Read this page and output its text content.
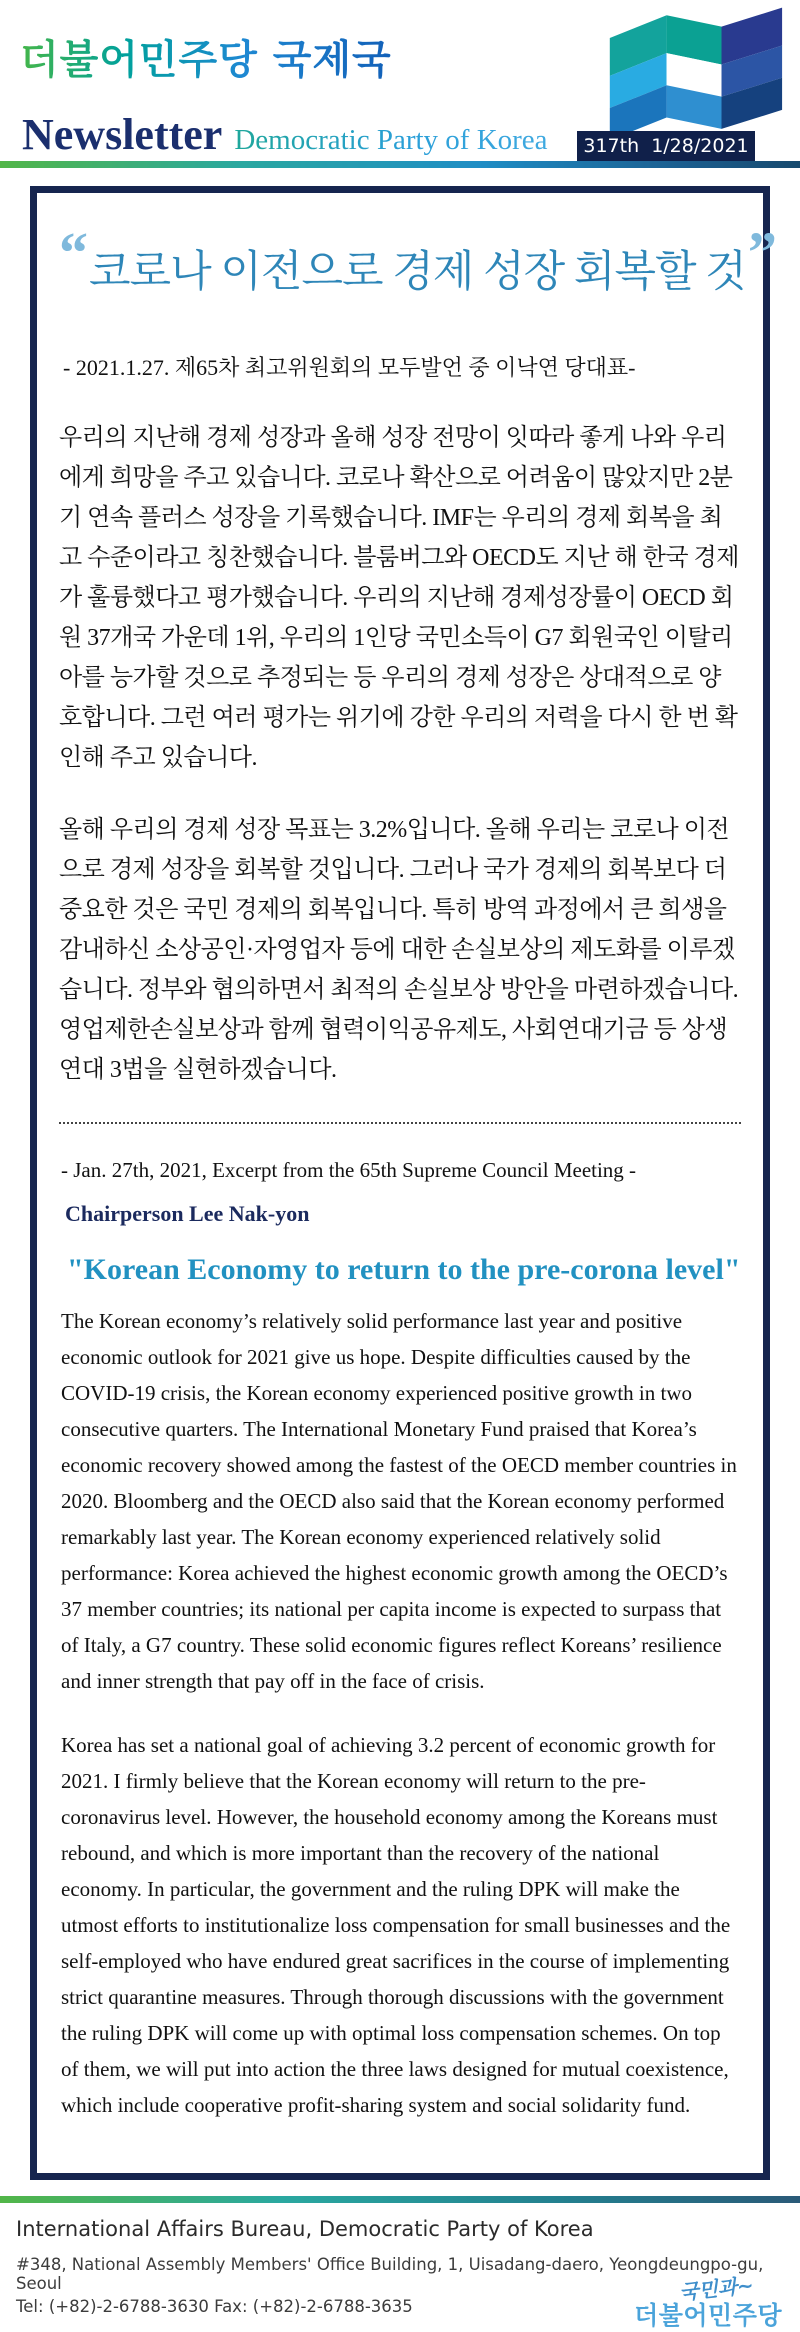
더불어민주당 국제국
Newsletter Democratic Party of Korea	317th  1/28/2021
“코로나 이전으로 경제 성장 회복할 것”

- 2021.1.27. 제65차 최고위원회의 모두발언 중 이낙연 당대표-

우리의 지난해 경제 성장과 올해 성장 전망이 잇따라 좋게 나와 우리에게 희망을 주고 있습니다. 코로나 확산으로 어려움이 많았지만 2분기 연속 플러스 성장을 기록했습니다. IMF는 우리의 경제 회복을 최고 수준이라고 칭찬했습니다. 블룸버그와 OECD도 지난 해 한국 경제가 훌륭했다고 평가했습니다. 우리의 지난해 경제성장률이 OECD 회원 37개국 가운데 1위, 우리의 1인당 국민소득이 G7 회원국인 이탈리아를 능가할 것으로 추정되는 등 우리의 경제 성장은 상대적으로 양호합니다. 그런 여러 평가는 위기에 강한 우리의 저력을 다시 한 번 확인해 주고 있습니다.

올해 우리의 경제 성장 목표는 3.2%입니다. 올해 우리는 코로나 이전으로 경제 성장을 회복할 것입니다. 그러나 국가 경제의 회복보다 더 중요한 것은 국민 경제의 회복입니다. 특히 방역 과정에서 큰 희생을 감내하신 소상공인·자영업자 등에 대한 손실보상의 제도화를 이루겠습니다. 정부와 협의하면서 최적의 손실보상 방안을 마련하겠습니다. 영업제한손실보상과 함께 협력이익공유제도, 사회연대기금 등 상생연대 3법을 실현하겠습니다.

- Jan. 27th, 2021, Excerpt from the 65th Supreme Council Meeting -

Chairperson Lee Nak-yon

"Korean Economy to return to the pre-corona level"

The Korean economy’s relatively solid performance last year and positive economic outlook for 2021 give us hope. Despite difficulties caused by the COVID-19 crisis, the Korean economy experienced positive growth in two consecutive quarters. The International Monetary Fund praised that Korea’s economic recovery showed among the fastest of the OECD member countries in 2020. Bloomberg and the OECD also said that the Korean economy performed remarkably last year. The Korean economy experienced relatively solid performance: Korea achieved the highest economic growth among the OECD’s 37 member countries; its national per capita income is expected to surpass that of Italy, a G7 country. These solid economic figures reflect Koreans’ resilience and inner strength that pay off in the face of crisis.

Korea has set a national goal of achieving 3.2 percent of economic growth for 2021. I firmly believe that the Korean economy will return to the pre-coronavirus level. However, the household economy among the Koreans must rebound, and which is more important than the recovery of the national economy. In particular, the government and the ruling DPK will make the utmost efforts to institutionalize loss compensation for small businesses and the self-employed who have endured great sacrifices in the course of implementing strict quarantine measures. Through thorough discussions with the government the ruling DPK will come up with optimal loss compensation schemes. On top of them, we will put into action the three laws designed for mutual coexistence, which include cooperative profit-sharing system and social solidarity fund.

International Affairs Bureau, Democratic Party of Korea

#348, National Assembly Members' Office Building, 1, Uisadang-daero, Yeongdeungpo-gu, Seoul

Tel: (+82)-2-6788-3630 Fax: (+82)-2-6788-3635

국민과~
더불어민주당
